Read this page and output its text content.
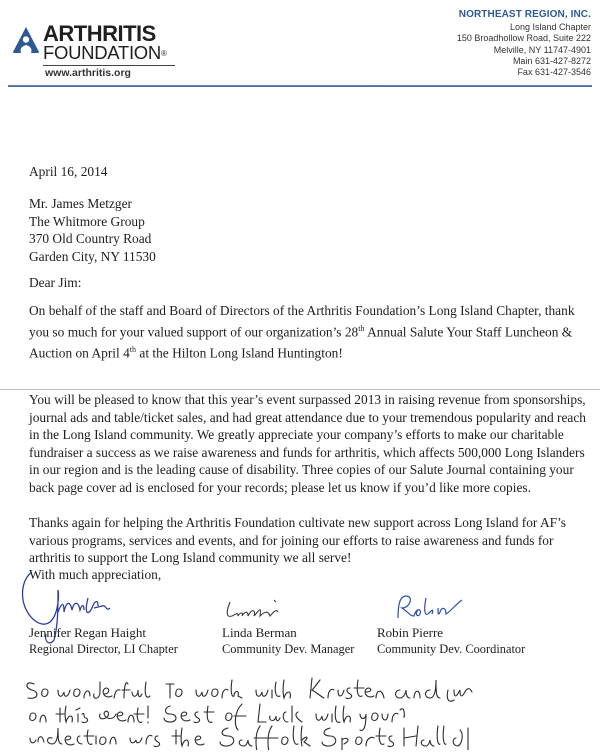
ARTHRITIS
FOUNDATION®
www.arthritis.org
NORTHEAST REGION, INC.
Long Island Chapter
150 Broadhollow Road, Suite 222
Melville, NY 11747-4901
Main 631-427-8272
Fax 631-427-3546

April 16, 2014

Mr. James Metzger

The Whitmore Group

370 Old Country Road

Garden City, NY 11530

Dear Jim:

On behalf of the staff and Board of Directors of the Arthritis Foundation’s Long Island Chapter, thank you so much for your valued support of our organization’s 28th Annual Salute Your Staff Luncheon & Auction on April 4th at the Hilton Long Island Huntington!

You will be pleased to know that this year’s event surpassed 2013 in raising revenue from sponsorships, journal ads and table/ticket sales, and had great attendance due to your tremendous popularity and reach in the Long Island community. We greatly appreciate your company’s efforts to make our charitable fundraiser a success as we raise awareness and funds for arthritis, which affects 500,000 Long Islanders in our region and is the leading cause of disability. Three copies of our Salute Journal containing your back page cover ad is enclosed for your records; please let us know if you’d like more copies.

Thanks again for helping the Arthritis Foundation cultivate new support across Long Island for AF’s various programs, services and events, and for joining our efforts to raise awareness and funds for arthritis to support the Long Island community we all serve!

With much appreciation,

Jennifer Regan Haight
Regional Director, LI Chapter
Linda Berman
Community Dev. Manager
Robin Pierre
Community Dev. Coordinator
